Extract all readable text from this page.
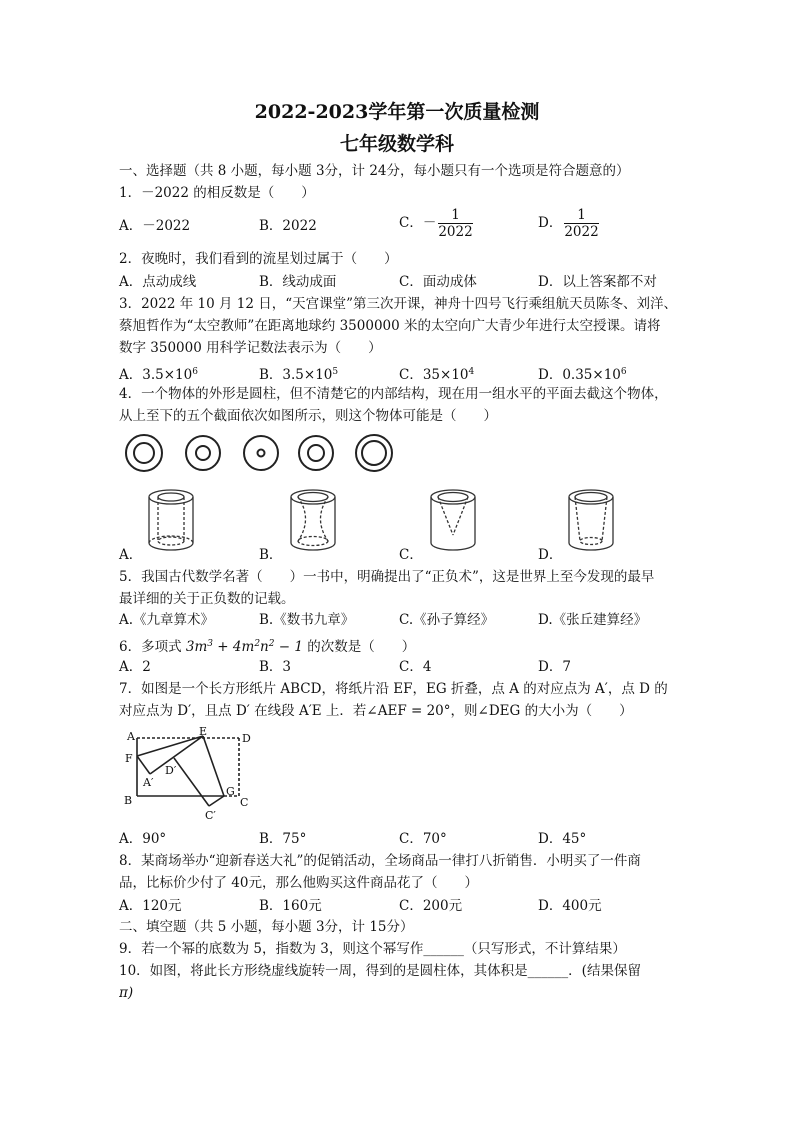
2022-2023学年第一次质量检测
七年级数学科
一、选择题（共 8 小题，每小题 3分，计 24分，每小题只有一个选项是符合题意的）
1．－2022 的相反数是（　　）
A．－2022	B．2022	C．－ $\frac{1}{2022}$	D． $\frac{1}{2022}$
2．夜晚时，我们看到的流星划过属于（　　）
A．点动成线	B．线动成面	C．面动成体	D．以上答案都不对
3．2022 年 10 月 12 日，“天宫课堂”第三次开课，神舟十四号飞行乘组航天员陈冬、刘洋、
蔡旭哲作为“太空教师”在距离地球约 3500000 米的太空向广大青少年进行太空授课。请将
数字 350000 用科学记数法表示为（　　）
A．$3.5\times 10^6$	B．$3.5\times 10^5$	C．$35\times 10^4$	D．$0.35\times 10^6$
4．一个物体的外形是圆柱，但不清楚它的内部结构，现在用一组水平的平面去截这个物体，
从上至下的五个截面依次如图所示，则这个物体可能是（　　）
A．	B．	C．	D．
5．我国古代数学名著（　　）一书中，明确提出了“正负术”，这是世界上至今发现的最早
最详细的关于正负数的记载。
A.《九章算术》	B.《数书九章》	C.《孙子算经》	D.《张丘建算经》
6．多项式 $3m^3 + 4m^2n^2 - 1$ 的次数是（　　）
A．2	B．3	C．4	D．7
7．如图是一个长方形纸片 ABCD，将纸片沿 EF，EG 折叠，点 A 的对应点为 A′，点 D 的
对应点为 D′，且点 D′ 在线段 A′E 上．若∠AEF = 20°，则∠DEG 的大小为（　　）
A	E
D
F
D′
A′
B
G
C
C′
A．90°	B．75°	C．70°	D．45°
8．某商场举办“迎新春送大礼”的促销活动，全场商品一律打八折销售．小明买了一件商
品，比标价少付了 40元，那么他购买这件商品花了（　　）
A．120元	B．160元	C．200元	D．400元
二、填空题（共 5 小题，每小题 3分，计 15分）
9．若一个幂的底数为 5，指数为 3，则这个幂写作______（只写形式，不计算结果）
10．如图，将此长方形绕虚线旋转一周，得到的是圆柱体，其体积是______．(结果保留
π)
